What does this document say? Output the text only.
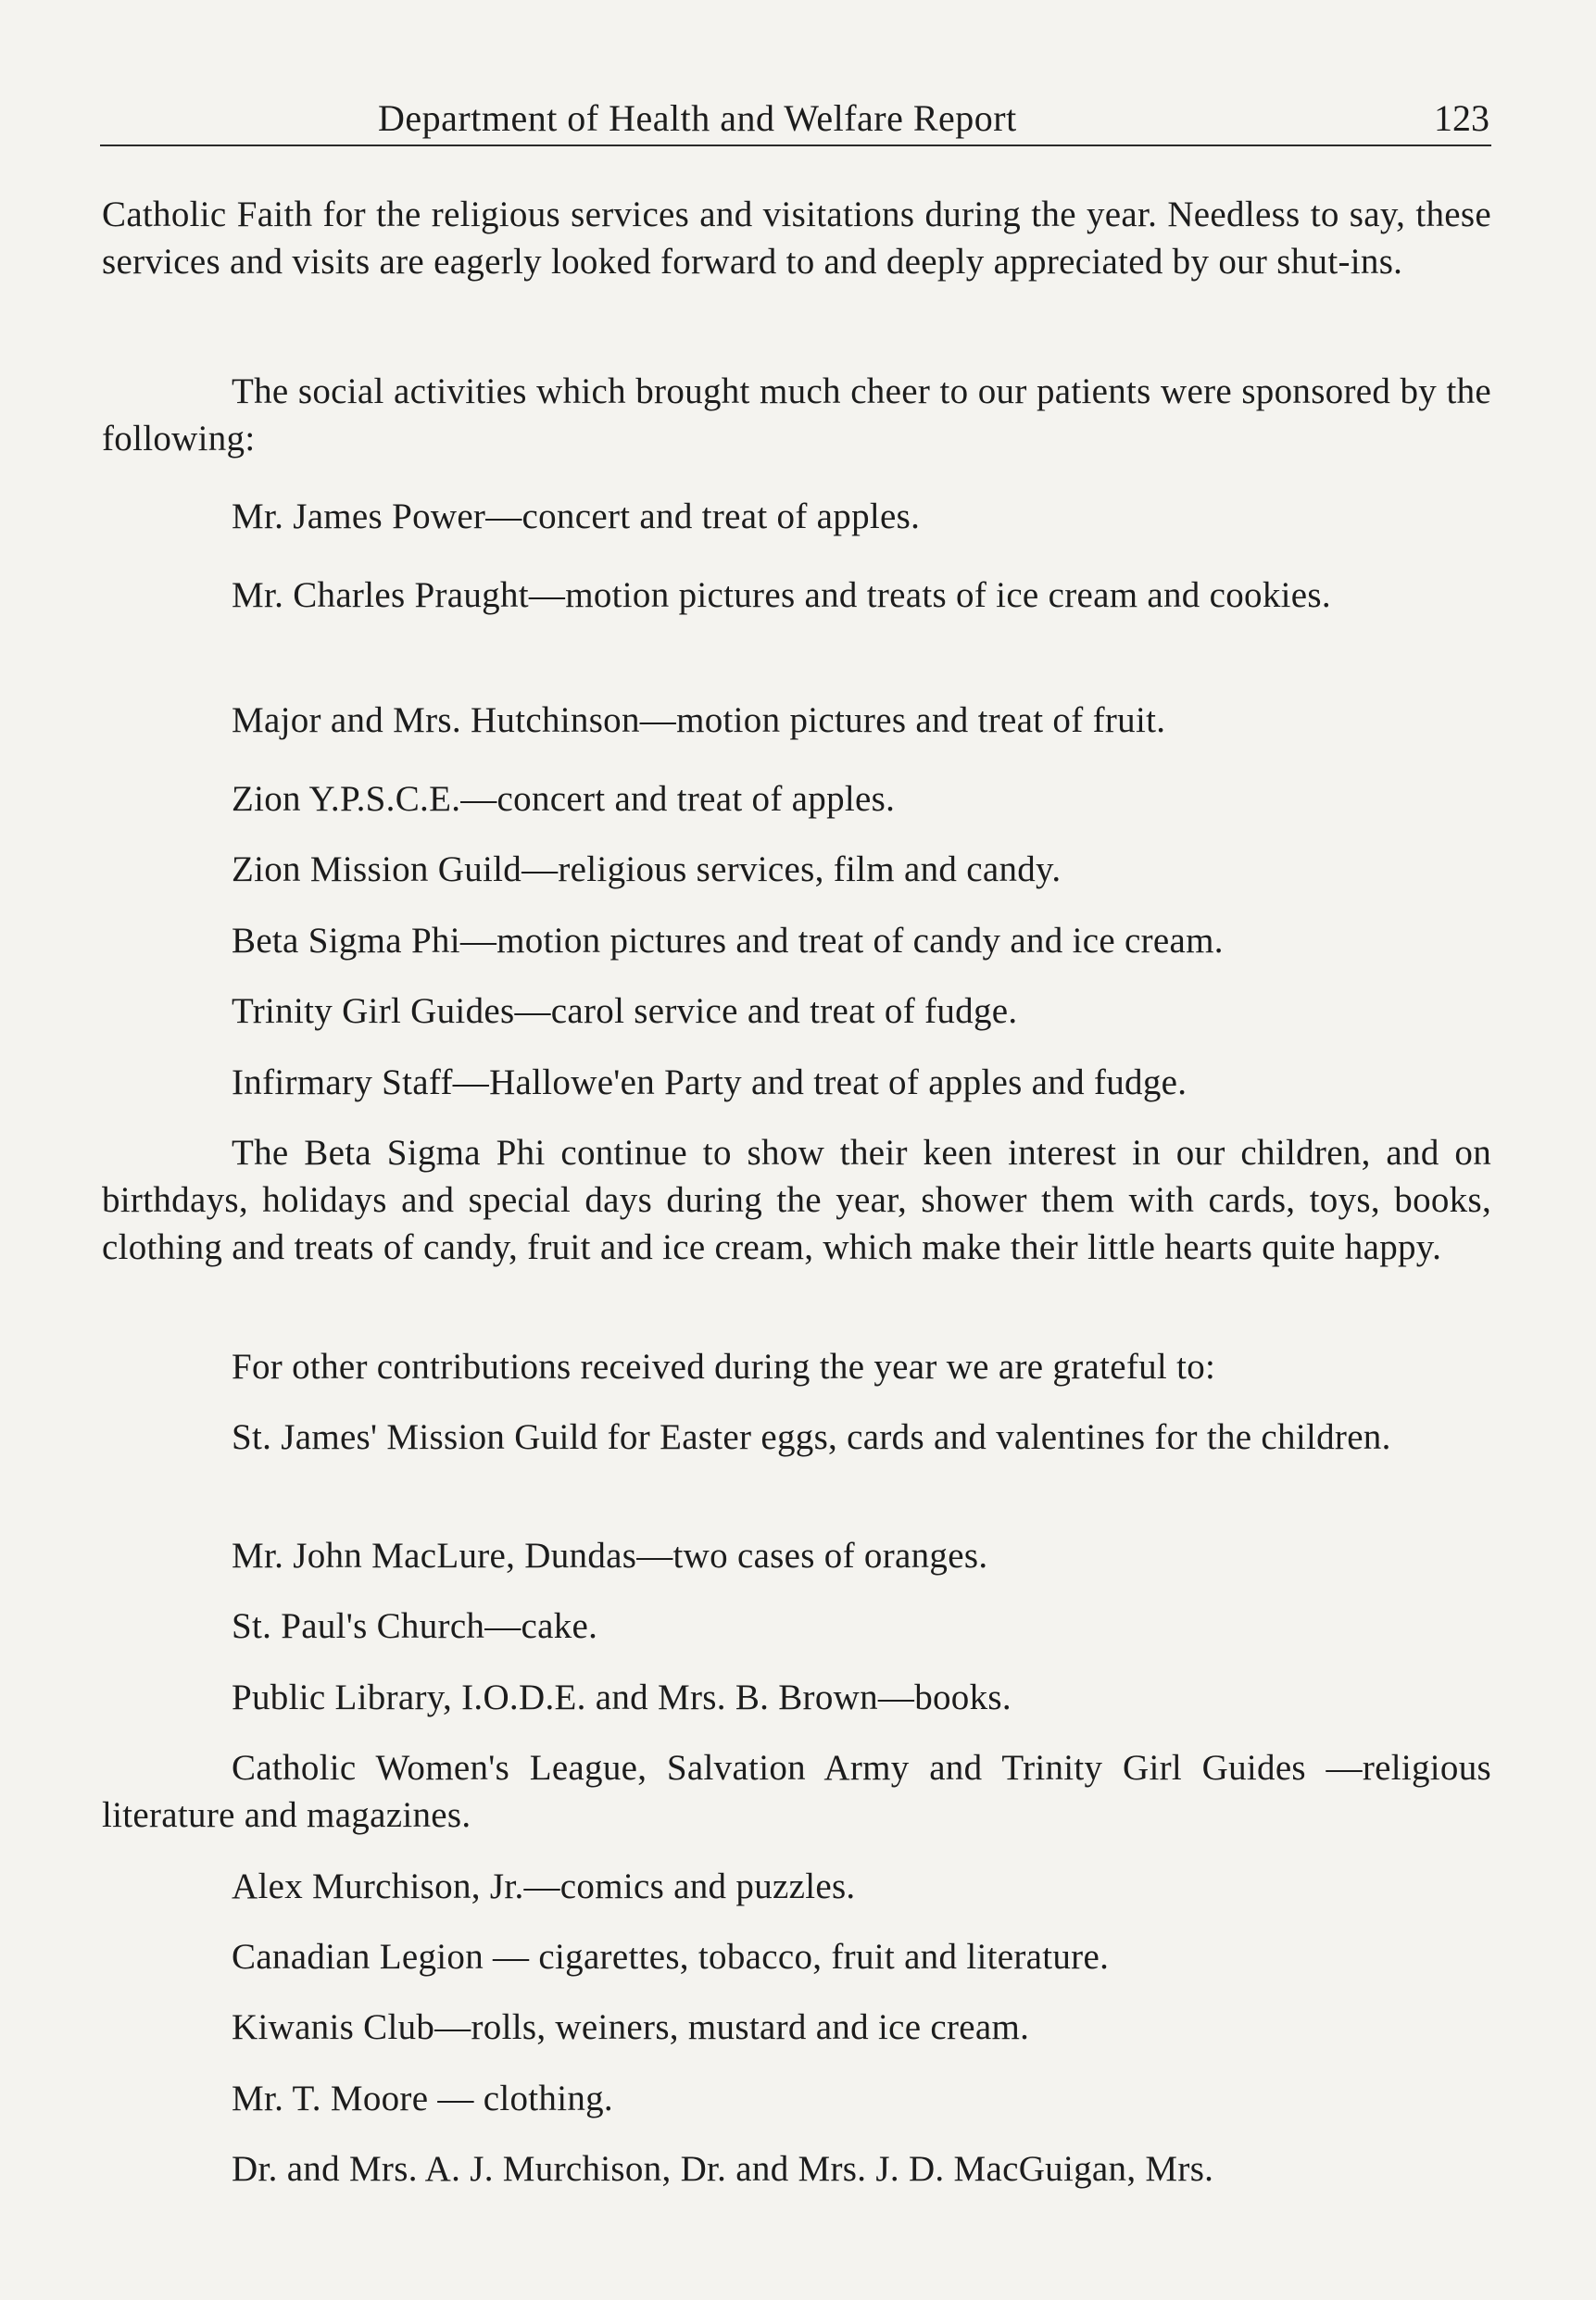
Department of Health and Welfare Report	123

Catholic Faith for the religious services and visitations during the year. Needless to say, these services and visits are eagerly looked forward to and deeply appreciated by our shut-ins.

The social activities which brought much cheer to our patients were sponsored by the following:

Mr. James Power—concert and treat of apples.

Mr. Charles Praught—motion pictures and treats of ice cream and cookies.

Major and Mrs. Hutchinson—motion pictures and treat of fruit.

Zion Y.P.S.C.E.—concert and treat of apples.

Zion Mission Guild—religious services, film and candy.

Beta Sigma Phi—motion pictures and treat of candy and ice cream.

Trinity Girl Guides—carol service and treat of fudge.

Infirmary Staff—Hallowe'en Party and treat of apples and fudge.

The Beta Sigma Phi continue to show their keen interest in our children, and on birthdays, holidays and special days during the year, shower them with cards, toys, books, clothing and treats of candy, fruit and ice cream, which make their little hearts quite happy.

For other contributions received during the year we are grateful to:

St. James' Mission Guild for Easter eggs, cards and valentines for the children.

Mr. John MacLure, Dundas—two cases of oranges.

St. Paul's Church—cake.

Public Library, I.O.D.E. and Mrs. B. Brown—books.

Catholic Women's League, Salvation Army and Trinity Girl Guides —religious literature and magazines.

Alex Murchison, Jr.—comics and puzzles.

Canadian Legion — cigarettes, tobacco, fruit and literature.

Kiwanis Club—rolls, weiners, mustard and ice cream.

Mr. T. Moore — clothing.

Dr. and Mrs. A. J. Murchison, Dr. and Mrs. J. D. MacGuigan, Mrs.
